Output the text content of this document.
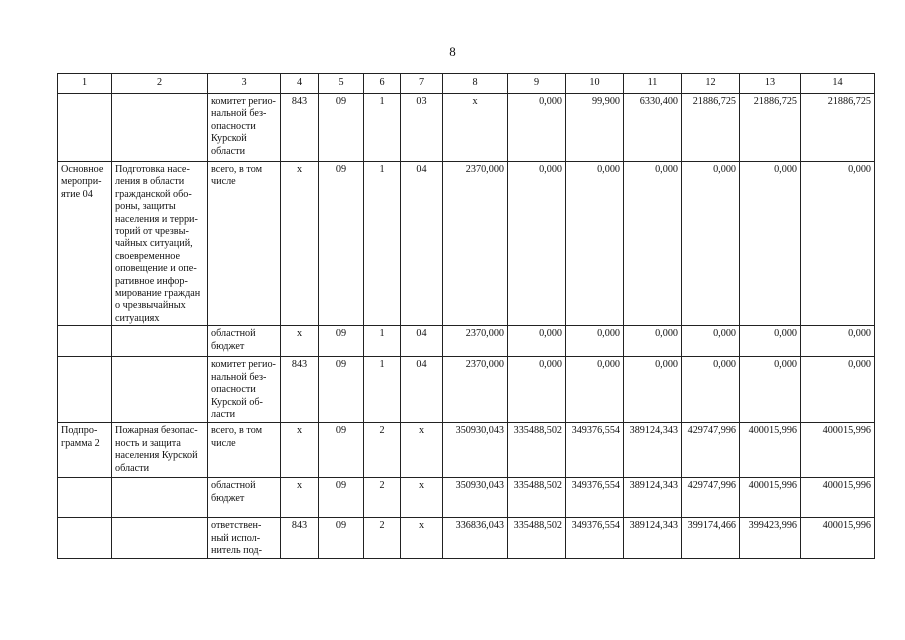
8
1	2	3	4	5	6	7	8	9	10	11	12	13	14
		комитет регио-нальной без-опасности Курской области	843	09	1	03	х	0,000	99,900	6330,400	21886,725	21886,725	21886,725
Основное меропри-ятие 04	Подготовка насе-ления в области гражданской обо-роны, защиты населения и терри-торий от чрезвы-чайных ситуаций, своевременное оповещение и опе-ративное инфор-мирование граждан о чрезвычайных ситуациях	всего, в том числе	х	09	1	04	2370,000	0,000	0,000	0,000	0,000	0,000	0,000
		областной бюджет	х	09	1	04	2370,000	0,000	0,000	0,000	0,000	0,000	0,000
		комитет регио-нальной без-опасности Курской об-ласти	843	09	1	04	2370,000	0,000	0,000	0,000	0,000	0,000	0,000
Подпро-грамма 2	Пожарная безопас-ность и защита населения Курской области	всего, в том числе	х	09	2	х	350930,043	335488,502	349376,554	389124,343	429747,996	400015,996	400015,996
		областной бюджет	х	09	2	х	350930,043	335488,502	349376,554	389124,343	429747,996	400015,996	400015,996
		ответствен-ный испол-нитель под-	843	09	2	х	336836,043	335488,502	349376,554	389124,343	399174,466	399423,996	400015,996
